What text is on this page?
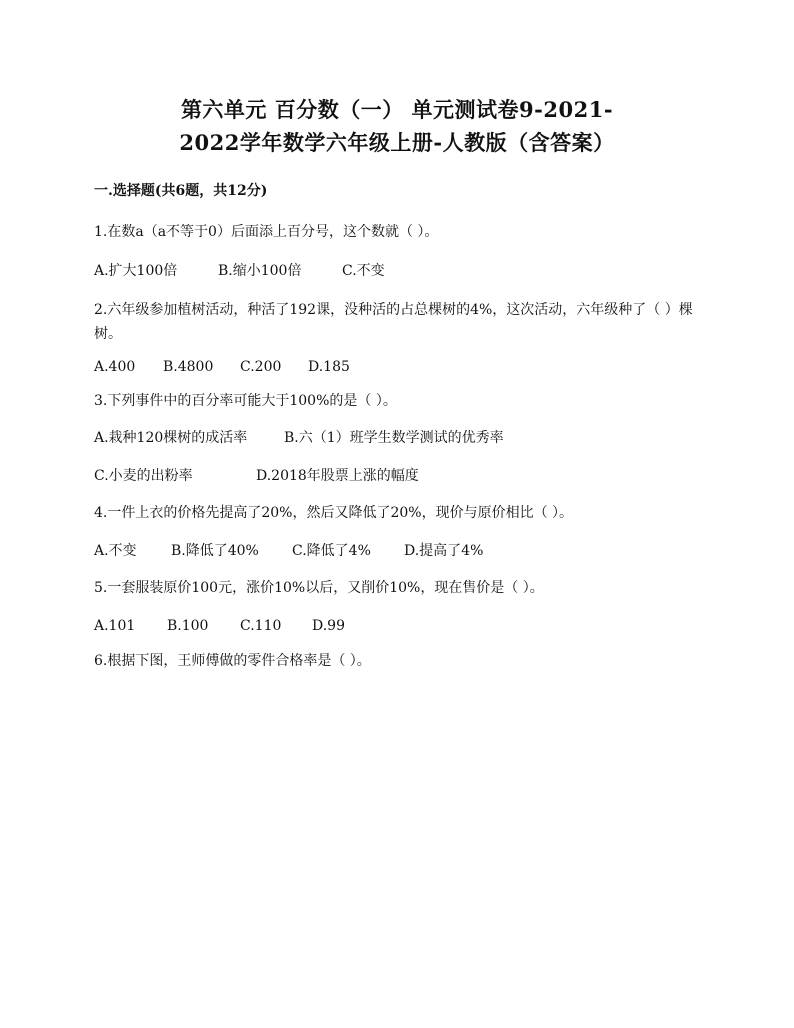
第六单元 百分数（一） 单元测试卷9-2021-
2022学年数学六年级上册-人教版（含答案）
一.选择题(共6题，共12分)
1.在数a（a不等于0）后面添上百分号，这个数就（ ）。
A.扩大100倍	B.缩小100倍	C.不变
2.六年级参加植树活动，种活了192课，没种活的占总棵树的4%，这次活动，六年级种了（ ）棵树。
A.400 B.4800 C.200 D.185
3.下列事件中的百分率可能大于100%的是（ ）。
A.栽种120棵树的成活率	B.六（1）班学生数学测试的优秀率
C.小麦的出粉率	D.2018年股票上涨的幅度
4.一件上衣的价格先提高了20%，然后又降低了20%，现价与原价相比（ ）。
A.不变 B.降低了40% C.降低了4% D.提高了4%
5.一套服装原价100元，涨价10%以后，又削价10%，现在售价是（ ）。
A.101 B.100 C.110 D.99
6.根据下图，王师傅做的零件合格率是（ ）。
